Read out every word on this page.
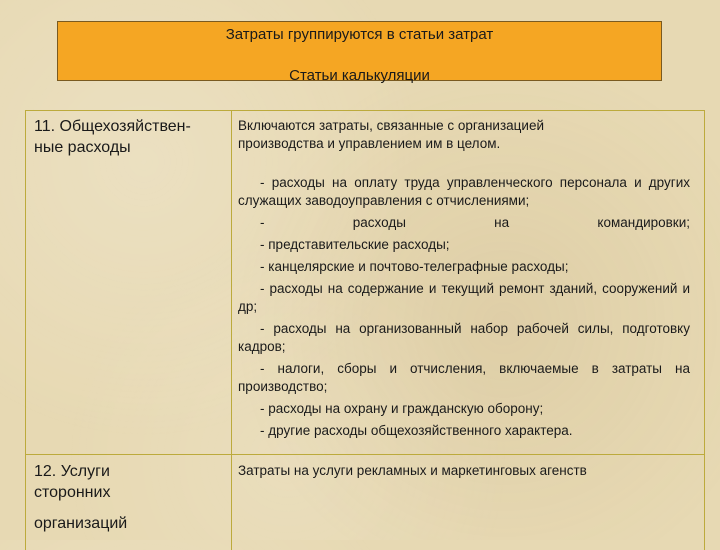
Затраты группируются в статьи затрат
Статьи калькуляции
11. Общехозяйствен-
ные расходы

Включаются затраты, связанные с организацией

производства и управлением им в целом.

- расходы на оплату труда управленческого персонала и других служащих заводоуправления с отчислениями;

- расходы на командировки;

- представительские расходы;

- канцелярские и почтово-телеграфные расходы;

- расходы на содержание и текущий ремонт зданий, сооружений и др;

- расходы на организованный набор рабочей силы, подготовку кадров;

- налоги, сборы и отчисления, включаемые в затраты на производство;

- расходы на охрану и гражданскую оборону;

- другие расходы общехозяйственного характера.

12. Услуги
сторонних
организаций
Затраты на услуги рекламных и маркетинговых агенств
